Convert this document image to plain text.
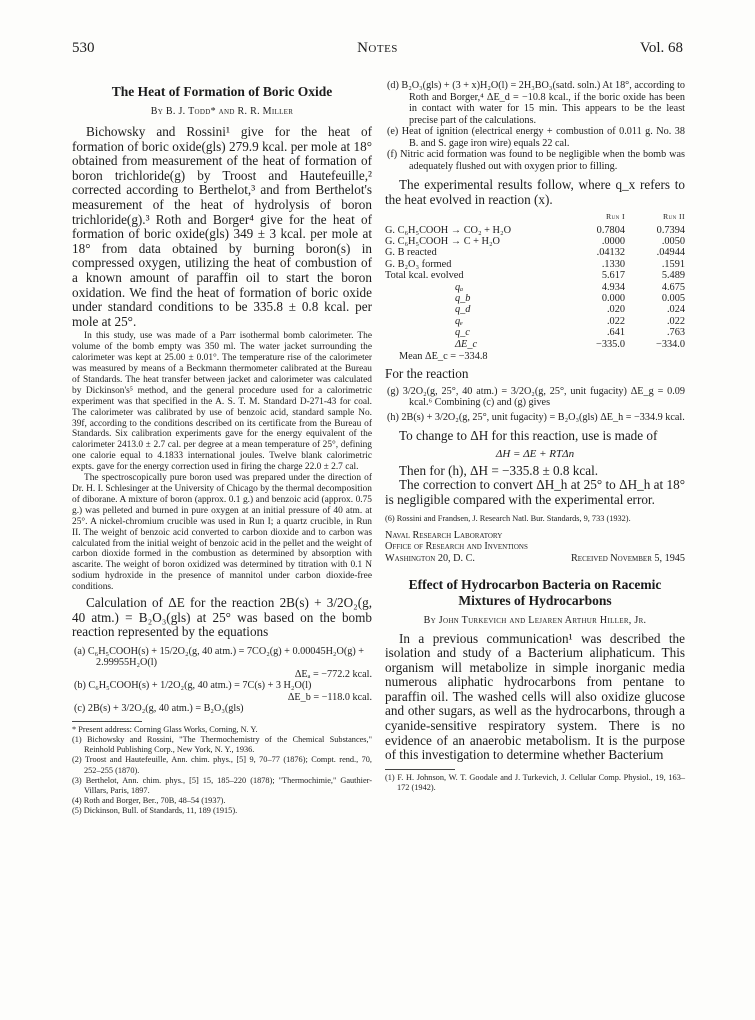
530	Notes	Vol. 68
The Heat of Formation of Boric Oxide
By B. J. Todd* and R. R. Miller

Bichowsky and Rossini¹ give for the heat of formation of boric oxide(gls) 279.9 kcal. per mole at 18° obtained from measurement of the heat of formation of boron trichloride(g) by Troost and Hautefeuille,² corrected according to Berthelot,³ and from Berthelot's measurement of the heat of hydrolysis of boron trichloride(g).³ Roth and Borger⁴ give for the heat of formation of boric oxide(gls) 349 ± 3 kcal. per mole at 18° from data obtained by burning boron(s) in compressed oxygen, utilizing the heat of combustion of a known amount of paraffin oil to start the boron oxidation. We find the heat of formation of boric oxide under standard conditions to be 335.8 ± 0.8 kcal. per mole at 25°.

In this study, use was made of a Parr isothermal bomb calorimeter. The volume of the bomb empty was 350 ml. The water jacket surrounding the calorimeter was kept at 25.00 ± 0.01°. The temperature rise of the calorimeter was measured by means of a Beckmann thermometer calibrated at the Bureau of Standards. The heat transfer between jacket and calorimeter was calculated by Dickinson's⁵ method, and the general procedure used for a calorimetric experiment was that specified in the A. S. T. M. Standard D-271-43 for coal. The calorimeter was calibrated by use of benzoic acid, standard sample No. 39f, according to the conditions described on its certificate from the Bureau of Standards. Six calibration experiments gave for the energy equivalent of the calorimeter 2413.0 ± 2.7 cal. per degree at a mean temperature of 25°, defining one calorie equal to 4.1833 international joules. Twelve blank calorimetric expts. gave for the energy correction used in firing the charge 22.0 ± 2.7 cal.

The spectroscopically pure boron used was prepared under the direction of Dr. H. I. Schlesinger at the University of Chicago by the thermal decomposition of diborane. A mixture of boron (approx. 0.1 g.) and benzoic acid (approx. 0.75 g.) was pelleted and burned in pure oxygen at an initial pressure of 40 atm. at 25°. A nickel-chromium crucible was used in Run I; a quartz crucible, in Run II. The weight of benzoic acid converted to carbon dioxide and to carbon was calculated from the initial weight of benzoic acid in the pellet and the weight of carbon dioxide formed in the combustion as determined by absorption with ascarite. The weight of boron oxidized was determined by titration with 0.1 N sodium hydroxide in the presence of mannitol under carbon dioxide-free conditions.

Calculation of ΔE for the reaction 2B(s) + 3/2O₂(g, 40 atm.) = B₂O₃(gls) at 25° was based on the bomb reaction represented by the equations

(a) C₆H₅COOH(s) + 15/2O₂(g, 40 atm.) = 7CO₂(g) + 0.00045H₂O(g) + 2.99955H₂O(l)
ΔEₐ = −772.2 kcal.
(b) C₆H₅COOH(s) + 1/2O₂(g, 40 atm.) = 7C(s) + 3 H₂O(l)
ΔE_b = −118.0 kcal.
(c) 2B(s) + 3/2O₂(g, 40 atm.) = B₂O₃(gls)
* Present address: Corning Glass Works, Corning, N. Y.
(1) Bichowsky and Rossini, "The Thermochemistry of the Chemical Substances," Reinhold Publishing Corp., New York, N. Y., 1936.
(2) Troost and Hautefeuille, Ann. chim. phys., [5] 9, 70–77 (1876); Compt. rend., 70, 252–255 (1870).
(3) Berthelot, Ann. chim. phys., [5] 15, 185–220 (1878); "Thermochimie," Gauthier-Villars, Paris, 1897.
(4) Roth and Borger, Ber., 70B, 48–54 (1937).
(5) Dickinson, Bull. of Standards, 11, 189 (1915).
(d) B₂O₃(gls) + (3 + x)H₂O(l) = 2H₃BO₃(satd. soln.) At 18°, according to Roth and Borger,⁴ ΔE_d = −10.8 kcal., if the boric oxide has been in contact with water for 15 min. This appears to be the least precise part of the calculations.
(e) Heat of ignition (electrical energy + combustion of 0.011 g. No. 38 B. and S. gage iron wire) equals 22 cal.
(f) Nitric acid formation was found to be negligible when the bomb was adequately flushed out with oxygen prior to filling.

The experimental results follow, where q_x refers to the heat evolved in reaction (x).

	Run I	Run II
G. C₆H₅COOH → CO₂ + H₂O	0.7804	0.7394
G. C₆H₅COOH → C + H₂O	.0000	.0050
G. B reacted	.04132	.04944
G. B₂O₃ formed	.1330	.1591
Total kcal. evolved	5.617	5.489
qₐ	4.934	4.675
q_b	0.000	0.005
q_d	.020	.024
qₑ	.022	.022
q_c	.641	.763
ΔE_c	−335.0	−334.0
Mean ΔE_c = −334.8

For the reaction

(g) 3/2O₂(g, 25°, 40 atm.) = 3/2O₂(g, 25°, unit fugacity) ΔE_g = 0.09 kcal.⁶ Combining (c) and (g) gives
(h) 2B(s) + 3/2O₂(g, 25°, unit fugacity) = B₂O₃(gls) ΔE_h = −334.9 kcal.

To change to ΔH for this reaction, use is made of

ΔH = ΔE + RTΔn

Then for (h), ΔH = −335.8 ± 0.8 kcal.

The correction to convert ΔH_h at 25° to ΔH_h at 18° is negligible compared with the experimental error.

(6) Rossini and Frandsen, J. Research Natl. Bur. Standards, 9, 733 (1932).
Naval Research Laboratory
Office of Research and Inventions
Washington 20, D. C.	Received November 5, 1945
Effect of Hydrocarbon Bacteria on Racemic Mixtures of Hydrocarbons
By John Turkevich and Lejaren Arthur Hiller, Jr.

In a previous communication¹ was described the isolation and study of a Bacterium aliphaticum. This organism will metabolize in simple inorganic media numerous aliphatic hydrocarbons from pentane to paraffin oil. The washed cells will also oxidize glucose and other sugars, as well as the hydrocarbons, through a cyanide-sensitive respiratory system. There is no evidence of an anaerobic metabolism. It is the purpose of this investigation to determine whether Bacterium

(1) F. H. Johnson, W. T. Goodale and J. Turkevich, J. Cellular Comp. Physiol., 19, 163–172 (1942).
